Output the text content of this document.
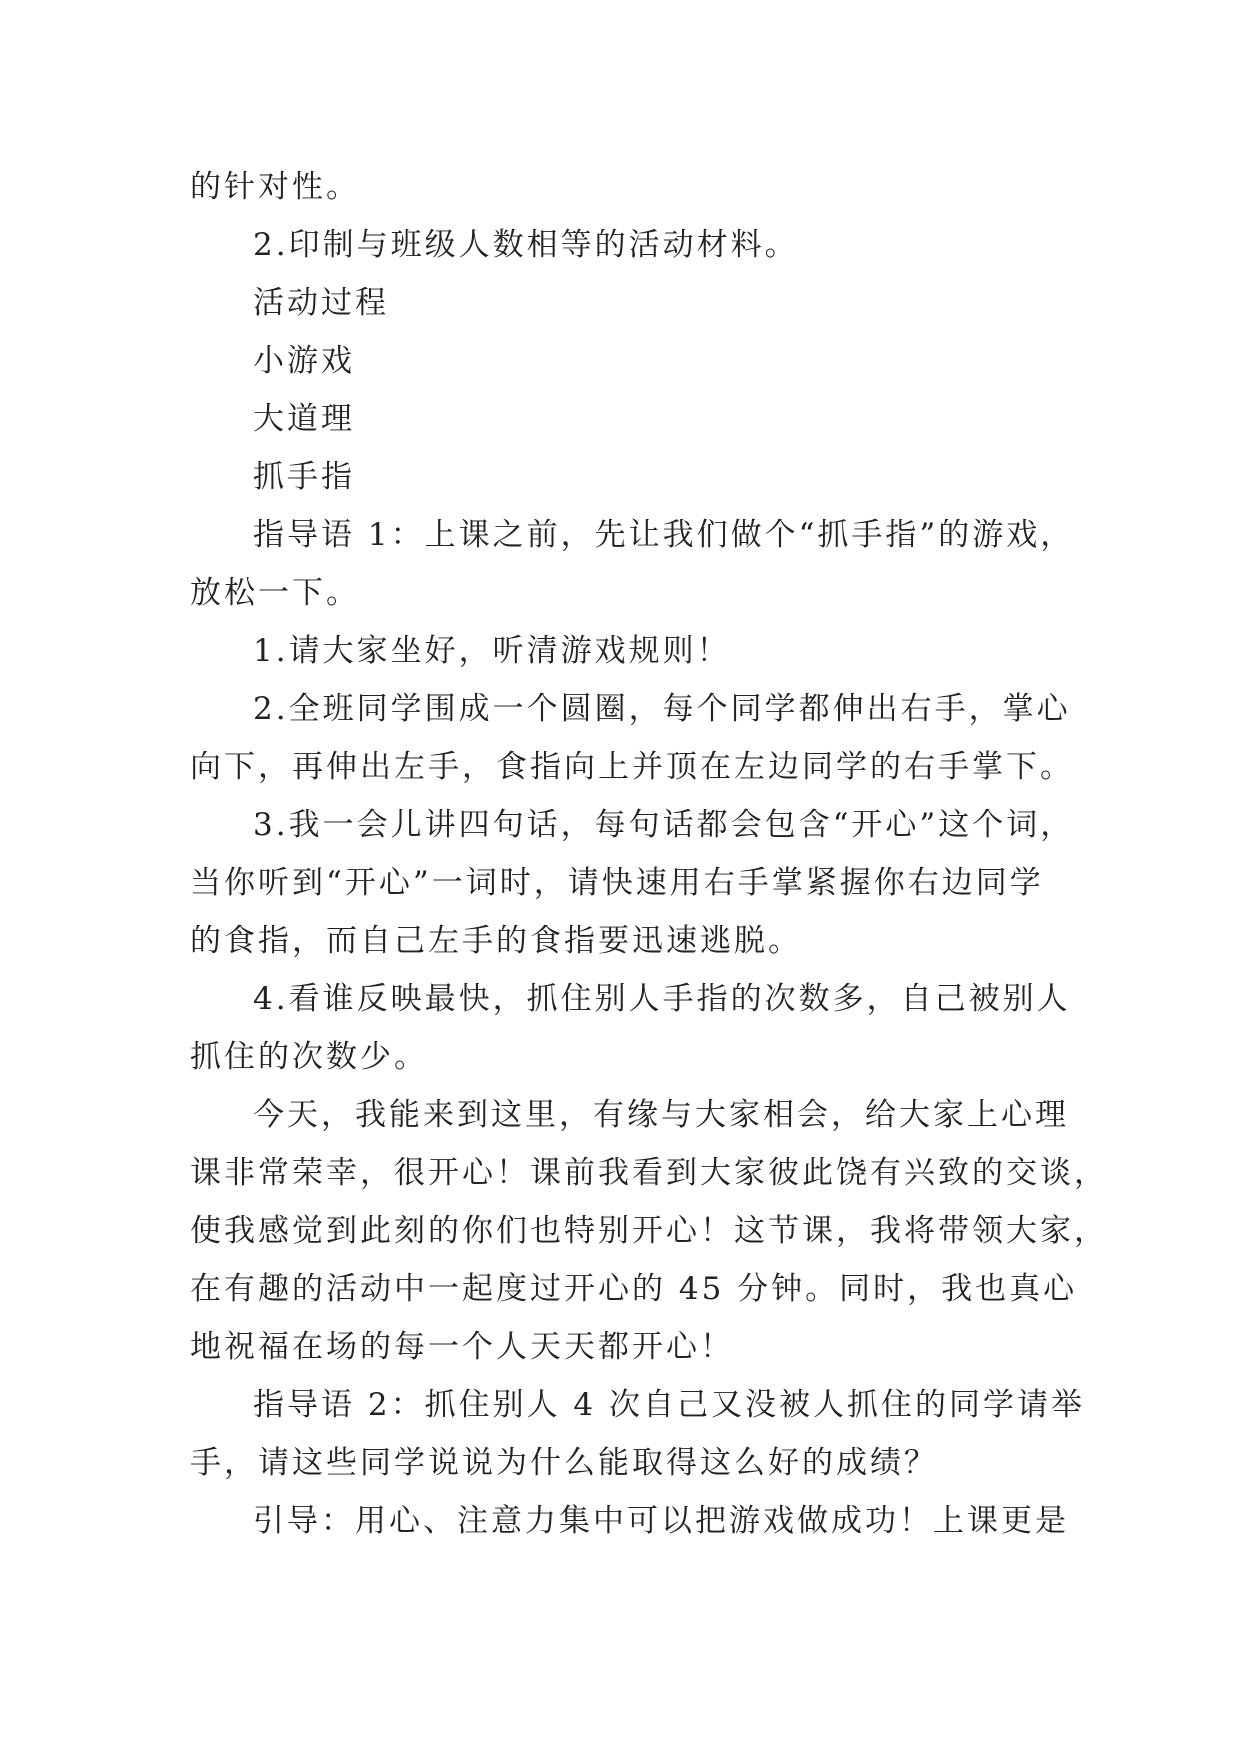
的针对性。

2.印制与班级人数相等的活动材料。

活动过程

小游戏

大道理

抓手指

指导语 1：上课之前，先让我们做个“抓手指”的游戏，

放松一下。

1.请大家坐好，听清游戏规则！

2.全班同学围成一个圆圈，每个同学都伸出右手，掌心

向下，再伸出左手，食指向上并顶在左边同学的右手掌下。

3.我一会儿讲四句话，每句话都会包含“开心”这个词，

当你听到“开心”一词时，请快速用右手掌紧握你右边同学

的食指，而自己左手的食指要迅速逃脱。

4.看谁反映最快，抓住别人手指的次数多，自己被别人

抓住的次数少。

今天，我能来到这里，有缘与大家相会，给大家上心理

课非常荣幸，很开心！课前我看到大家彼此饶有兴致的交谈，

使我感觉到此刻的你们也特别开心！这节课，我将带领大家，

在有趣的活动中一起度过开心的 45 分钟。同时，我也真心

地祝福在场的每一个人天天都开心！

指导语 2：抓住别人 4 次自己又没被人抓住的同学请举

手，请这些同学说说为什么能取得这么好的成绩？

引导：用心、注意力集中可以把游戏做成功！上课更是
